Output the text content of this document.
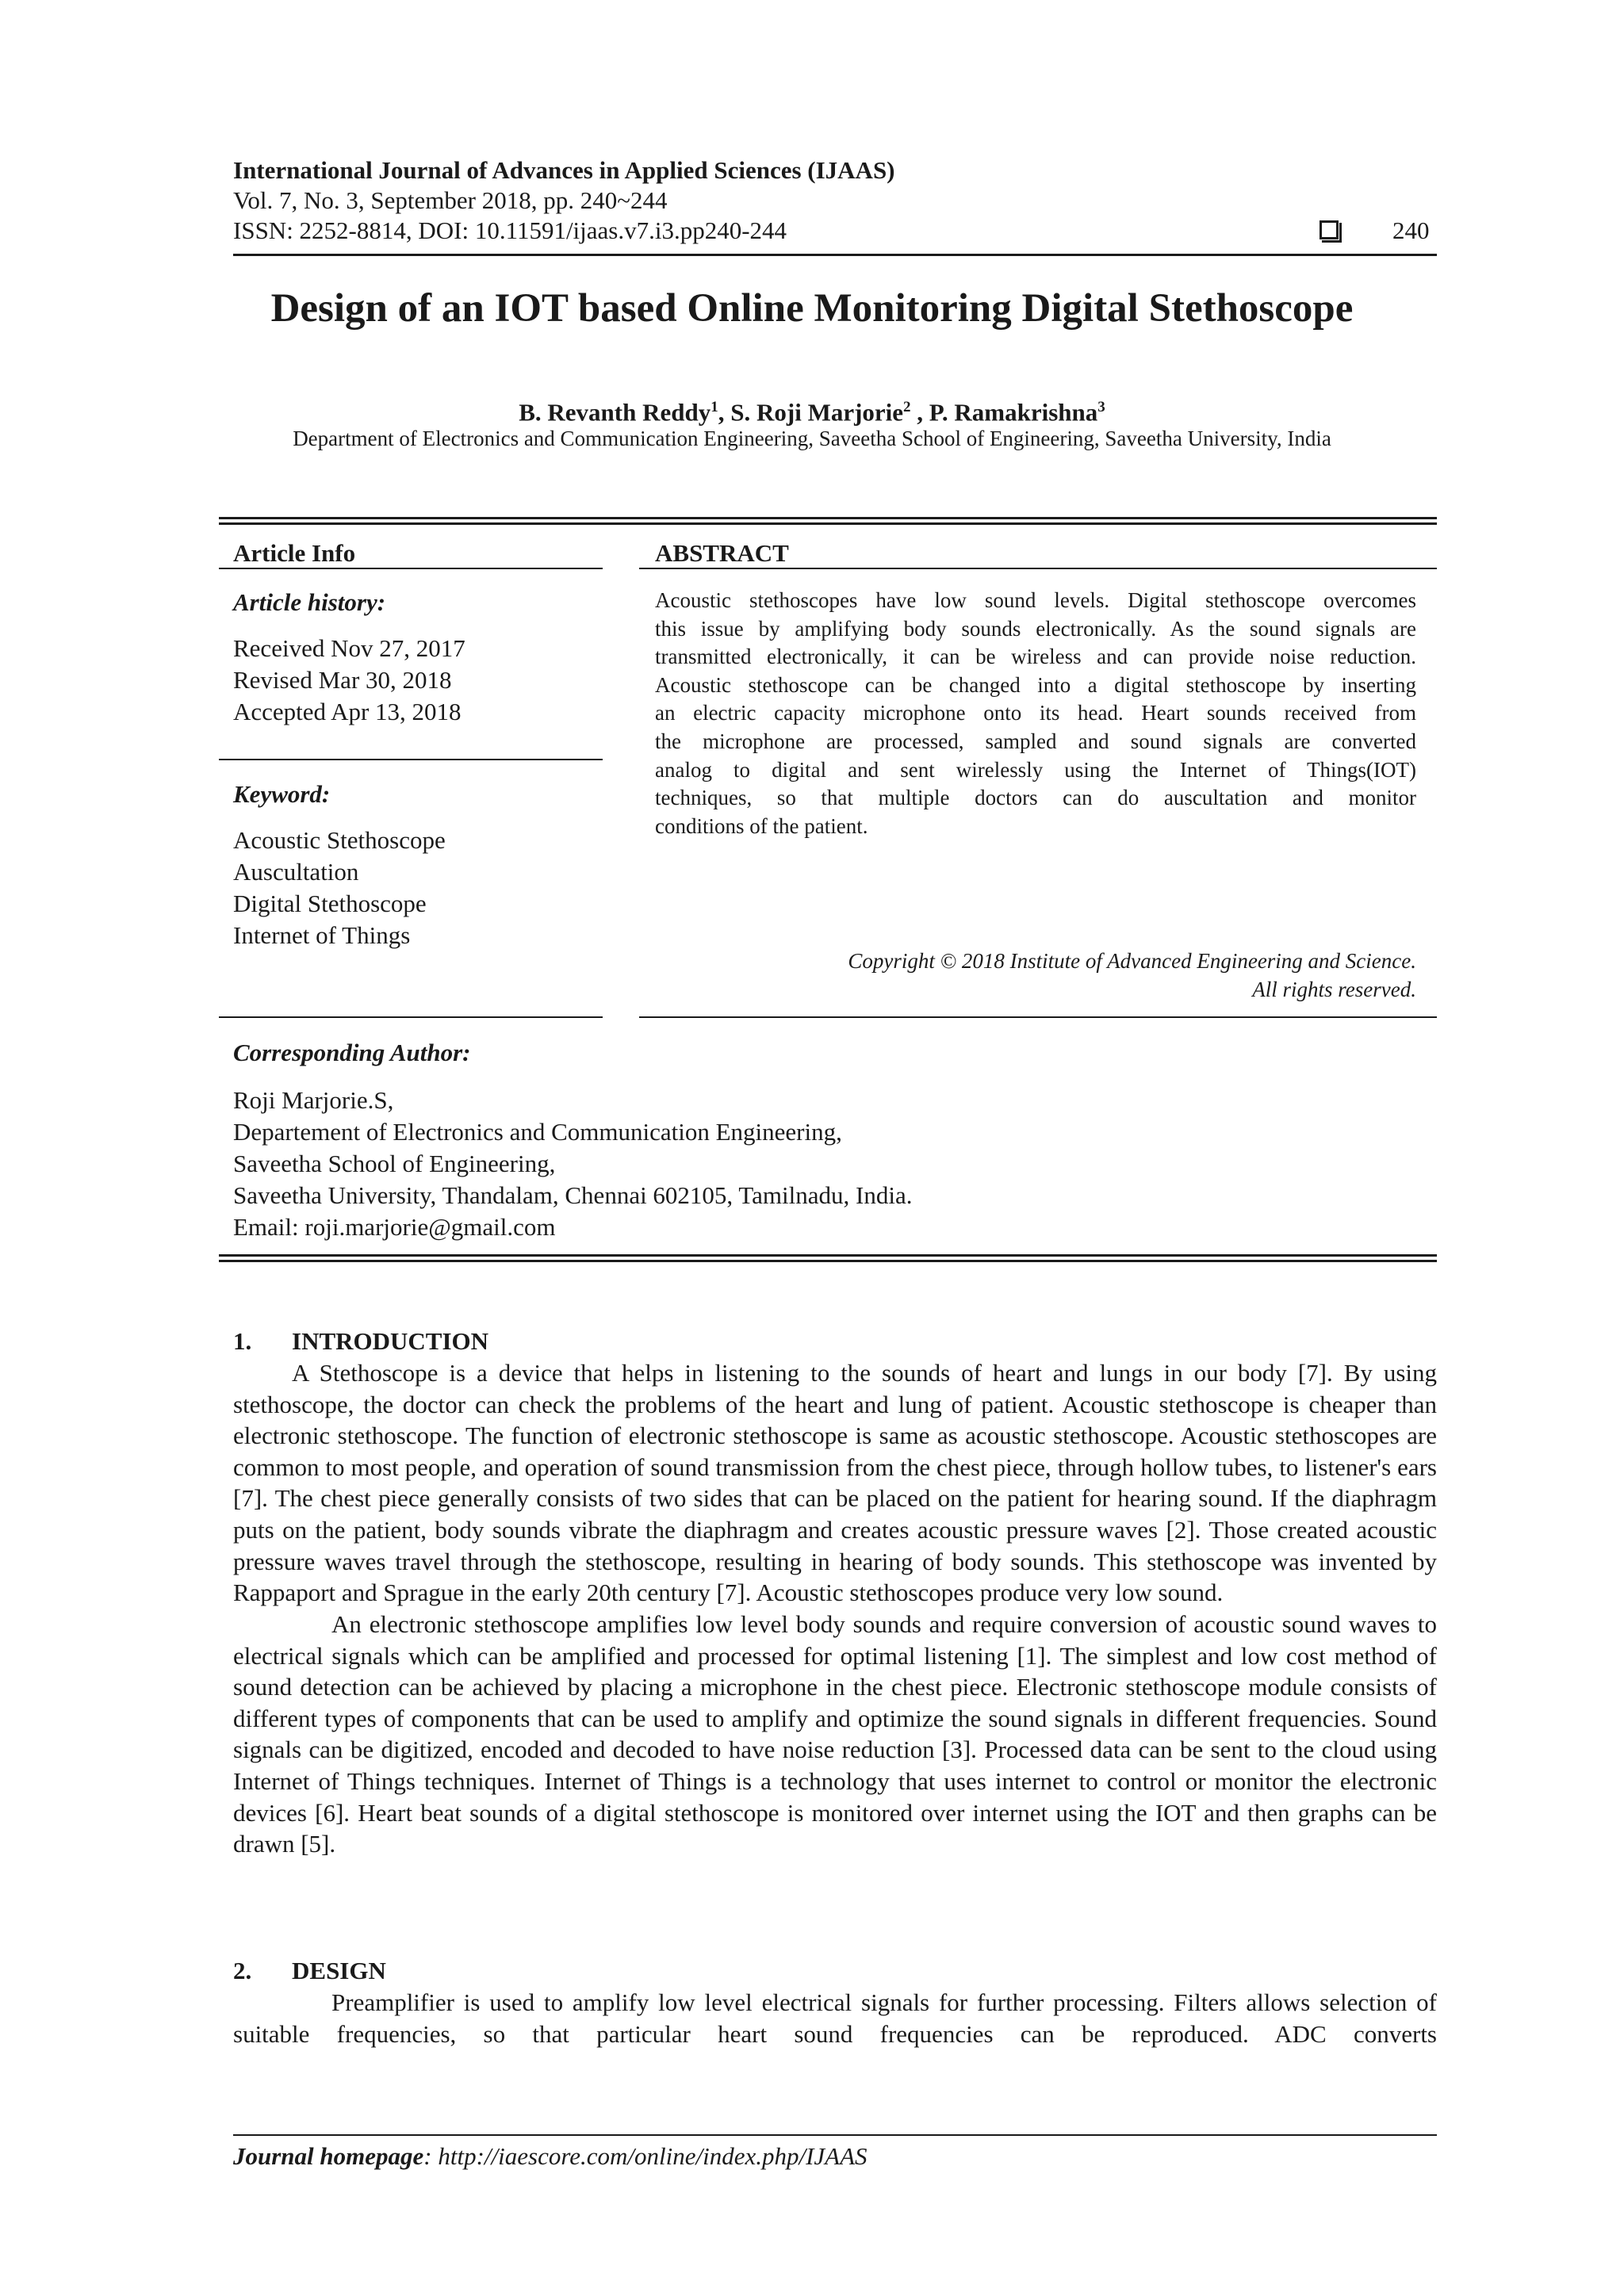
International Journal of Advances in Applied Sciences (IJAAS)
Vol. 7, No. 3, September 2018, pp. 240~244
ISSN: 2252-8814, DOI: 10.11591/ijaas.v7.i3.pp240-244	240
Design of an IOT based Online Monitoring Digital Stethoscope
B. Revanth Reddy$^1$, S. Roji Marjorie$^2$ , P. Ramakrishna$^3$
Department of Electronics and Communication Engineering, Saveetha School of Engineering, Saveetha University, India
Article Info
Article history:
Received Nov 27, 2017
Revised Mar 30, 2018
Accepted Apr 13, 2018
Keyword:
Acoustic Stethoscope
Auscultation
Digital Stethoscope
Internet of Things
ABSTRACT
Acoustic stethoscopes have low sound levels. Digital stethoscope overcomes
this issue by amplifying body sounds electronically. As the sound signals are
transmitted electronically, it can be wireless and can provide noise reduction.
Acoustic stethoscope can be changed into a digital stethoscope by inserting
an electric capacity microphone onto its head. Heart sounds received from
the microphone are processed, sampled and sound signals are converted
analog to digital and sent wirelessly using the Internet of Things(IOT)
techniques, so that multiple doctors can do auscultation and monitor
conditions of the patient.
Copyright © 2018 Institute of Advanced Engineering and Science.
All rights reserved.
Corresponding Author:
Roji Marjorie.S,
Departement of Electronics and Communication Engineering,
Saveetha School of Engineering,
Saveetha University, Thandalam, Chennai 602105, Tamilnadu, India.
Email: roji.marjorie@gmail.com
1. INTRODUCTION
A Stethoscope is a device that helps in listening to the sounds of heart and lungs in our body [7]. By using stethoscope, the doctor can check the problems of the heart and lung of patient. Acoustic stethoscope is cheaper than electronic stethoscope. The function of electronic stethoscope is same as acoustic stethoscope. Acoustic stethoscopes are common to most people, and operation of sound transmission from the chest piece, through hollow tubes, to listener's ears [7]. The chest piece generally consists of two sides that can be placed on the patient for hearing sound. If the diaphragm puts on the patient, body sounds vibrate the diaphragm and creates acoustic pressure waves [2]. Those created acoustic pressure waves travel through the stethoscope, resulting in hearing of body sounds. This stethoscope was invented by Rappaport and Sprague in the early 20th century [7]. Acoustic stethoscopes produce very low sound.
An electronic stethoscope amplifies low level body sounds and require conversion of acoustic sound waves to electrical signals which can be amplified and processed for optimal listening [1]. The simplest and low cost method of sound detection can be achieved by placing a microphone in the chest piece. Electronic stethoscope module consists of different types of components that can be used to amplify and optimize the sound signals in different frequencies. Sound signals can be digitized, encoded and decoded to have noise reduction [3]. Processed data can be sent to the cloud using Internet of Things techniques. Internet of Things is a technology that uses internet to control or monitor the electronic devices [6]. Heart beat sounds of a digital stethoscope is monitored over internet using the IOT and then graphs can be drawn [5].
2. DESIGN
Preamplifier is used to amplify low level electrical signals for further processing. Filters allows selection of suitable frequencies, so that particular heart sound frequencies can be reproduced. ADC converts
Journal homepage: http://iaescore.com/online/index.php/IJAAS
